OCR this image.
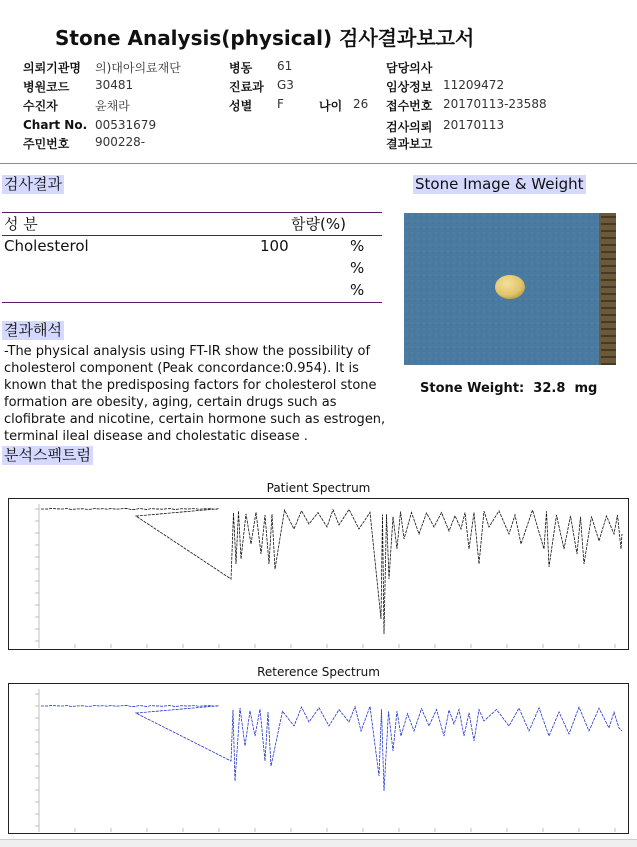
Stone Analysis(physical) 검사결과보고서
의뢰기관명 의)대아의료재단	병동 61	담당의사
병원코드 30481	진료과 G3	임상정보 11209472
수진자	윤채라	성별 F	나이 26 접수번호 20170113-23588
Chart No. 00531679	검사의뢰 20170113
주민번호 900228-	결과보고
검사결과
성 분	함량(%)
Cholesterol	100	%
%
%
Stone Image & Weight
Stone Weight: 32.8 mg
결과해석
-The physical analysis using FT-IR show the possibility of cholesterol component (Peak concordance:0.954). It is known that the predisposing factors for cholesterol stone formation are obesity, aging, certain drugs such as clofibrate and nicotine, certain hormone such as estrogen, terminal ileal disease and cholestatic disease .
분석스펙트럼
Patient Spectrum
Reterence Spectrum
